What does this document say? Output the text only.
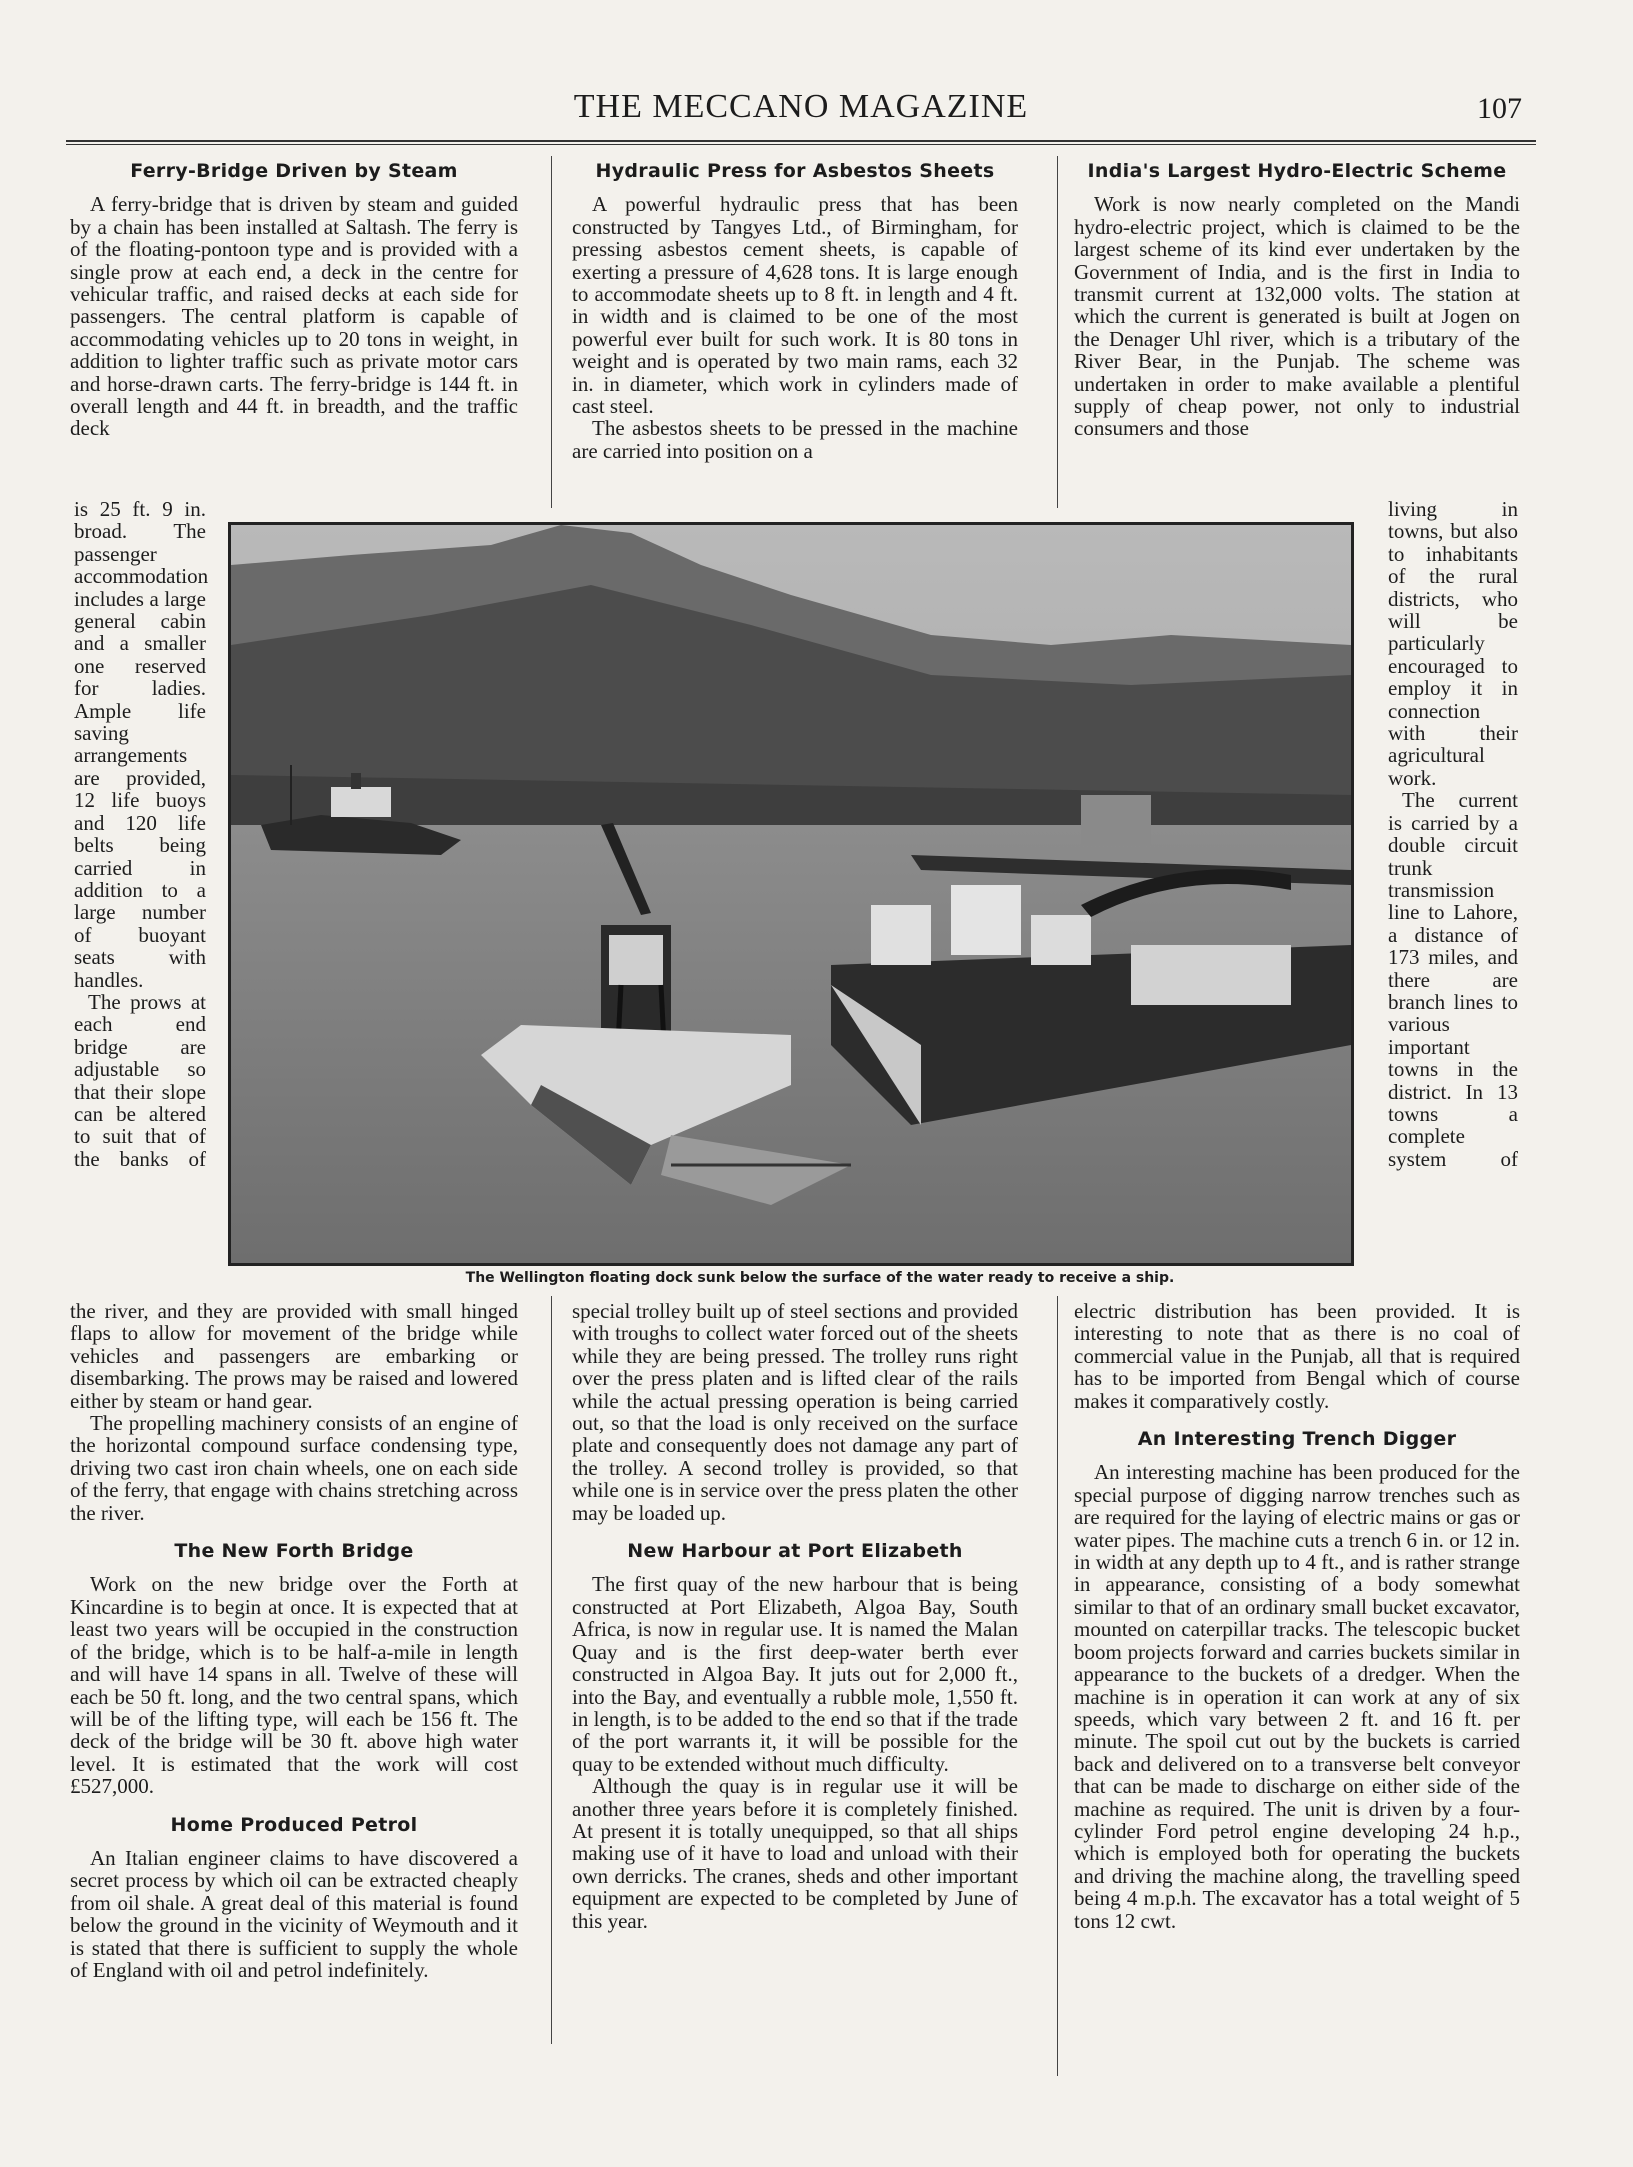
THE MECCANO MAGAZINE	107
Ferry-Bridge Driven by Steam

A ferry-bridge that is driven by steam and guided by a chain has been installed at Saltash. The ferry is of the floating-pontoon type and is provided with a single prow at each end, a deck in the centre for vehicular traffic, and raised decks at each side for passengers. The central platform is capable of accommodating vehicles up to 20 tons in weight, in addition to lighter traffic such as private motor cars and horse-drawn carts. The ferry-bridge is 144 ft. in overall length and 44 ft. in breadth, and the traffic deck

is 25 ft. 9 in. broad. The passenger accommodation includes a large general cabin and a smaller one reserved for ladies. Ample life saving arrangements are provided, 12 life buoys and 120 life belts being carried in addition to a large number of buoyant seats with handles.
The prows at each end bridge are adjustable so that their slope can be altered to suit that of the banks of
Hydraulic Press for Asbestos Sheets

A powerful hydraulic press that has been constructed by Tangyes Ltd., of Birmingham, for pressing asbestos cement sheets, is capable of exerting a pressure of 4,628 tons. It is large enough to accommodate sheets up to 8 ft. in length and 4 ft. in width and is claimed to be one of the most powerful ever built for such work. It is 80 tons in weight and is operated by two main rams, each 32 in. in diameter, which work in cylinders made of cast steel.

The asbestos sheets to be pressed in the machine are carried into position on a

India's Largest Hydro-Electric Scheme

Work is now nearly completed on the Mandi hydro-electric project, which is claimed to be the largest scheme of its kind ever undertaken by the Government of India, and is the first in India to transmit current at 132,000 volts. The station at which the current is generated is built at Jogen on the Denager Uhl river, which is a tributary of the River Bear, in the Punjab. The scheme was undertaken in order to make available a plentiful supply of cheap power, not only to industrial consumers and those

living in towns, but also to inhabitants of the rural districts, who will be particularly encouraged to employ it in connection with their agricultural work.
The current is carried by a double circuit trunk transmission line to Lahore, a distance of 173 miles, and there are branch lines to various important towns in the district. In 13 towns a complete system of
The Wellington floating dock sunk below the surface of the water ready to receive a ship.
the river, and they are provided with small hinged flaps to allow for movement of the bridge while vehicles and passengers are embarking or disembarking. The prows may be raised and lowered either by steam or hand gear.

The propelling machinery consists of an engine of the horizontal compound surface condensing type, driving two cast iron chain wheels, one on each side of the ferry, that engage with chains stretching across the river.

The New Forth Bridge

Work on the new bridge over the Forth at Kincardine is to begin at once. It is expected that at least two years will be occupied in the construction of the bridge, which is to be half-a-mile in length and will have 14 spans in all. Twelve of these will each be 50 ft. long, and the two central spans, which will be of the lifting type, will each be 156 ft. The deck of the bridge will be 30 ft. above high water level. It is estimated that the work will cost £527,000.

Home Produced Petrol

An Italian engineer claims to have discovered a secret process by which oil can be extracted cheaply from oil shale. A great deal of this material is found below the ground in the vicinity of Weymouth and it is stated that there is sufficient to supply the whole of England with oil and petrol indefinitely.

special trolley built up of steel sections and provided with troughs to collect water forced out of the sheets while they are being pressed. The trolley runs right over the press platen and is lifted clear of the rails while the actual pressing operation is being carried out, so that the load is only received on the surface plate and consequently does not damage any part of the trolley. A second trolley is provided, so that while one is in service over the press platen the other may be loaded up.
New Harbour at Port Elizabeth

The first quay of the new harbour that is being constructed at Port Elizabeth, Algoa Bay, South Africa, is now in regular use. It is named the Malan Quay and is the first deep-water berth ever constructed in Algoa Bay. It juts out for 2,000 ft., into the Bay, and eventually a rubble mole, 1,550 ft. in length, is to be added to the end so that if the trade of the port warrants it, it will be possible for the quay to be extended without much difficulty.

Although the quay is in regular use it will be another three years before it is completely finished. At present it is totally unequipped, so that all ships making use of it have to load and unload with their own derricks. The cranes, sheds and other important equipment are expected to be completed by June of this year.

electric distribution has been provided. It is interesting to note that as there is no coal of commercial value in the Punjab, all that is required has to be imported from Bengal which of course makes it comparatively costly.
An Interesting Trench Digger

An interesting machine has been produced for the special purpose of digging narrow trenches such as are required for the laying of electric mains or gas or water pipes. The machine cuts a trench 6 in. or 12 in. in width at any depth up to 4 ft., and is rather strange in appearance, consisting of a body somewhat similar to that of an ordinary small bucket excavator, mounted on caterpillar tracks. The telescopic bucket boom projects forward and carries buckets similar in appearance to the buckets of a dredger. When the machine is in operation it can work at any of six speeds, which vary between 2 ft. and 16 ft. per minute. The spoil cut out by the buckets is carried back and delivered on to a transverse belt conveyor that can be made to discharge on either side of the machine as required. The unit is driven by a four-cylinder Ford petrol engine developing 24 h.p., which is employed both for operating the buckets and driving the machine along, the travelling speed being 4 m.p.h. The excavator has a total weight of 5 tons 12 cwt.
